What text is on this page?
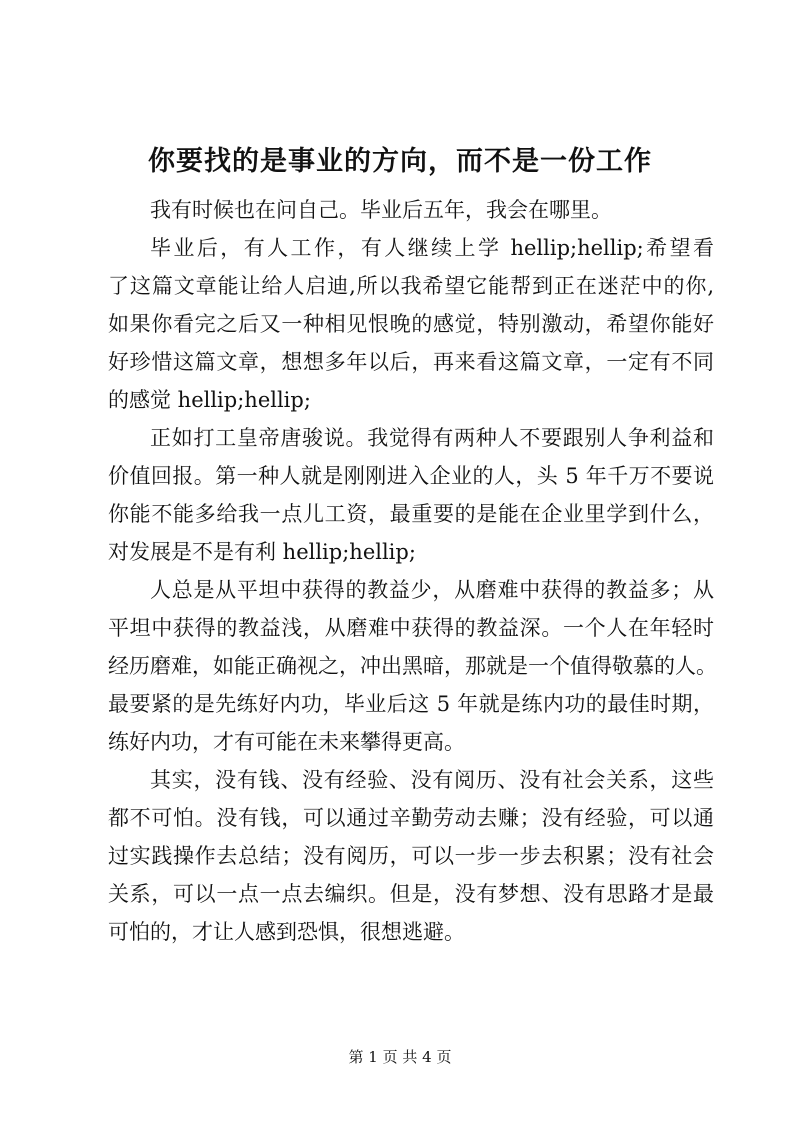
你要找的是事业的方向，而不是一份工作

我有时候也在问自己。毕业后五年，我会在哪里。

毕业后，有人工作，有人继续上学 hellip;hellip;希望看

了这篇文章能让给人启迪,所以我希望它能帮到正在迷茫中的你,

如果你看完之后又一种相见恨晚的感觉，特别激动，希望你能好

好珍惜这篇文章，想想多年以后，再来看这篇文章，一定有不同

的感觉 hellip;hellip;

正如打工皇帝唐骏说。我觉得有两种人不要跟别人争利益和

价值回报。第一种人就是刚刚进入企业的人，头 5 年千万不要说

你能不能多给我一点儿工资，最重要的是能在企业里学到什么，

对发展是不是有利 hellip;hellip;

人总是从平坦中获得的教益少，从磨难中获得的教益多；从

平坦中获得的教益浅，从磨难中获得的教益深。一个人在年轻时

经历磨难，如能正确视之，冲出黑暗，那就是一个值得敬慕的人。

最要紧的是先练好内功，毕业后这 5 年就是练内功的最佳时期，

练好内功，才有可能在未来攀得更高。

其实，没有钱、没有经验、没有阅历、没有社会关系，这些

都不可怕。没有钱，可以通过辛勤劳动去赚；没有经验，可以通

过实践操作去总结；没有阅历，可以一步一步去积累；没有社会

关系，可以一点一点去编织。但是，没有梦想、没有思路才是最

可怕的，才让人感到恐惧，很想逃避。

第 1 页 共 4 页
